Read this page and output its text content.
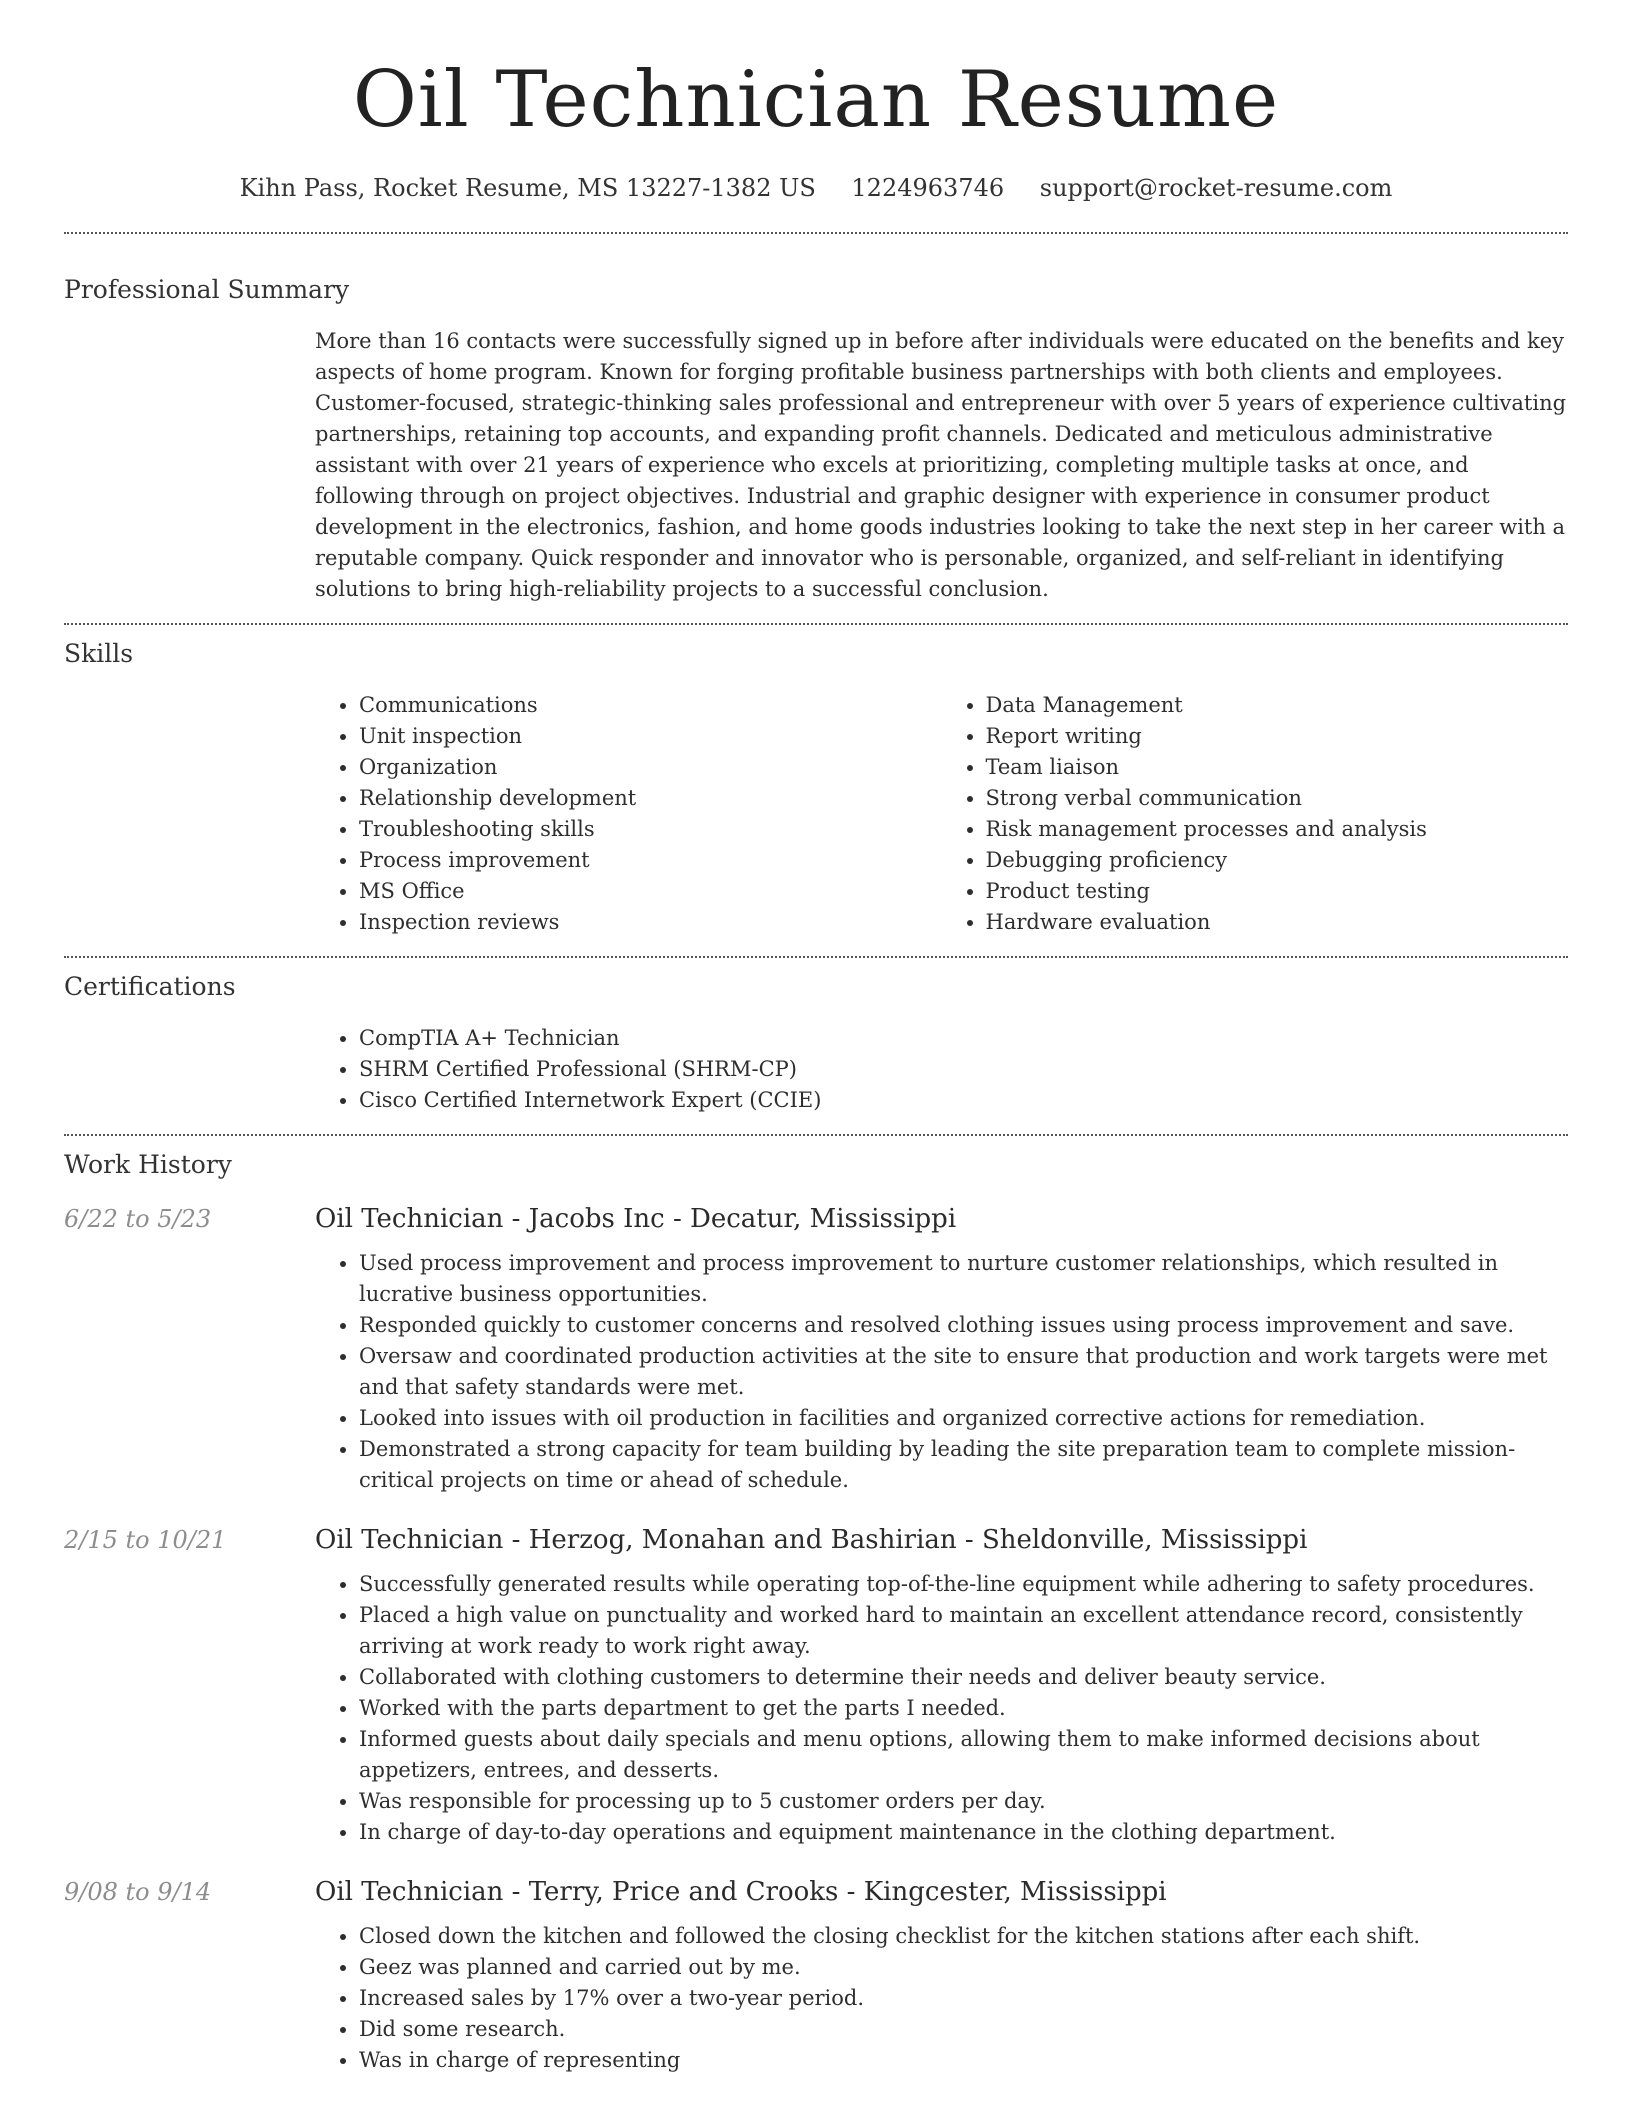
Oil Technician Resume
Kihn Pass, Rocket Resume, MS 13227-1382 US 1224963746 support@rocket-resume.com
Professional Summary
More than 16 contacts were successfully signed up in before after individuals were educated on the benefits and key aspects of home program. Known for forging profitable business partnerships with both clients and employees. Customer-focused, strategic-thinking sales professional and entrepreneur with over 5 years of experience cultivating partnerships, retaining top accounts, and expanding profit channels. Dedicated and meticulous administrative assistant with over 21 years of experience who excels at prioritizing, completing multiple tasks at once, and following through on project objectives. Industrial and graphic designer with experience in consumer product development in the electronics, fashion, and home goods industries looking to take the next step in her career with a reputable company. Quick responder and innovator who is personable, organized, and self-reliant in identifying solutions to bring high-reliability projects to a successful conclusion.
Skills
• Communications
• Unit inspection
• Organization
• Relationship development
• Troubleshooting skills
• Process improvement
• MS Office
• Inspection reviews
• Data Management
• Report writing
• Team liaison
• Strong verbal communication
• Risk management processes and analysis
• Debugging proficiency
• Product testing
• Hardware evaluation
Certifications
• CompTIA A+ Technician
• SHRM Certified Professional (SHRM-CP)
• Cisco Certified Internetwork Expert (CCIE)
Work History
6/22 to 5/23	Oil Technician - Jacobs Inc - Decatur, Mississippi
• Used process improvement and process improvement to nurture customer relationships, which resulted in lucrative business opportunities.
• Responded quickly to customer concerns and resolved clothing issues using process improvement and save.
• Oversaw and coordinated production activities at the site to ensure that production and work targets were met and that safety standards were met.
• Looked into issues with oil production in facilities and organized corrective actions for remediation.
• Demonstrated a strong capacity for team building by leading the site preparation team to complete mission-critical projects on time or ahead of schedule.
2/15 to 10/21	Oil Technician - Herzog, Monahan and Bashirian - Sheldonville, Mississippi
• Successfully generated results while operating top-of-the-line equipment while adhering to safety procedures.
• Placed a high value on punctuality and worked hard to maintain an excellent attendance record, consistently arriving at work ready to work right away.
• Collaborated with clothing customers to determine their needs and deliver beauty service.
• Worked with the parts department to get the parts I needed.
• Informed guests about daily specials and menu options, allowing them to make informed decisions about appetizers, entrees, and desserts.
• Was responsible for processing up to 5 customer orders per day.
• In charge of day-to-day operations and equipment maintenance in the clothing department.
9/08 to 9/14	Oil Technician - Terry, Price and Crooks - Kingcester, Mississippi
• Closed down the kitchen and followed the closing checklist for the kitchen stations after each shift.
• Geez was planned and carried out by me.
• Increased sales by 17% over a two-year period.
• Did some research.
• Was in charge of representing
